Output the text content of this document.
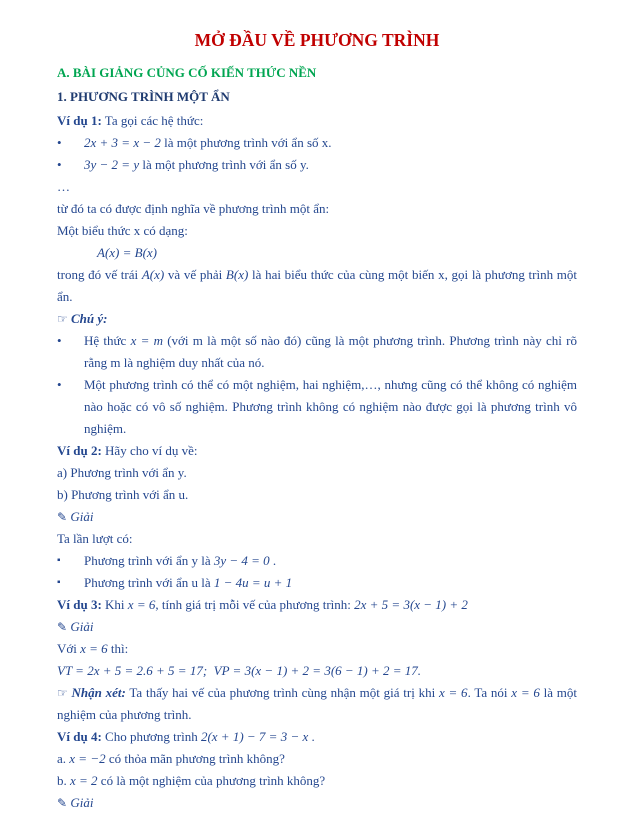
MỞ ĐẦU VỀ PHƯƠNG TRÌNH
A. BÀI GIẢNG CỦNG CỐ KIẾN THỨC NỀN
1. PHƯƠNG TRÌNH MỘT ẨN

Ví dụ 1: Ta gọi các hệ thức:

•	2x + 3 = x − 2 là một phương trình với ẩn số x.
•	3y − 2 = y là một phương trình với ẩn số y.

…

từ đó ta có được định nghĩa về phương trình một ẩn:

Một biểu thức x có dạng:

A(x) = B(x)

trong đó vế trái A(x) và vế phải B(x) là hai biểu thức của cùng một biến x, gọi là phương trình một ẩn.

☞ Chú ý:

•	Hệ thức x = m (với m là một số nào đó) cũng là một phương trình. Phương trình này chỉ rõ rằng m là nghiệm duy nhất của nó.
•	Một phương trình có thể có một nghiệm, hai nghiệm,…, nhưng cũng có thể không có nghiệm nào hoặc có vô số nghiệm. Phương trình không có nghiệm nào được gọi là phương trình vô nghiệm.

Ví dụ 2: Hãy cho ví dụ về:

a) Phương trình với ẩn y.

b) Phương trình với ẩn u.

✎ Giải

Ta lần lượt có:

▪	Phương trình với ẩn y là 3y − 4 = 0 .
▪	Phương trình với ẩn u là 1 − 4u = u + 1

Ví dụ 3: Khi x = 6, tính giá trị mỗi vế của phương trình: 2x + 5 = 3(x − 1) + 2

✎ Giải

Với x = 6 thì:

VT = 2x + 5 = 2.6 + 5 = 17;  VP = 3(x − 1) + 2 = 3(6 − 1) + 2 = 17.

☞ Nhận xét: Ta thấy hai vế của phương trình cùng nhận một giá trị khi x = 6. Ta nói x = 6 là một nghiệm của phương trình.

Ví dụ 4: Cho phương trình 2(x + 1) − 7 = 3 − x .

a. x = −2 có thỏa mãn phương trình không?

b. x = 2 có là một nghiệm của phương trình không?

✎ Giải
